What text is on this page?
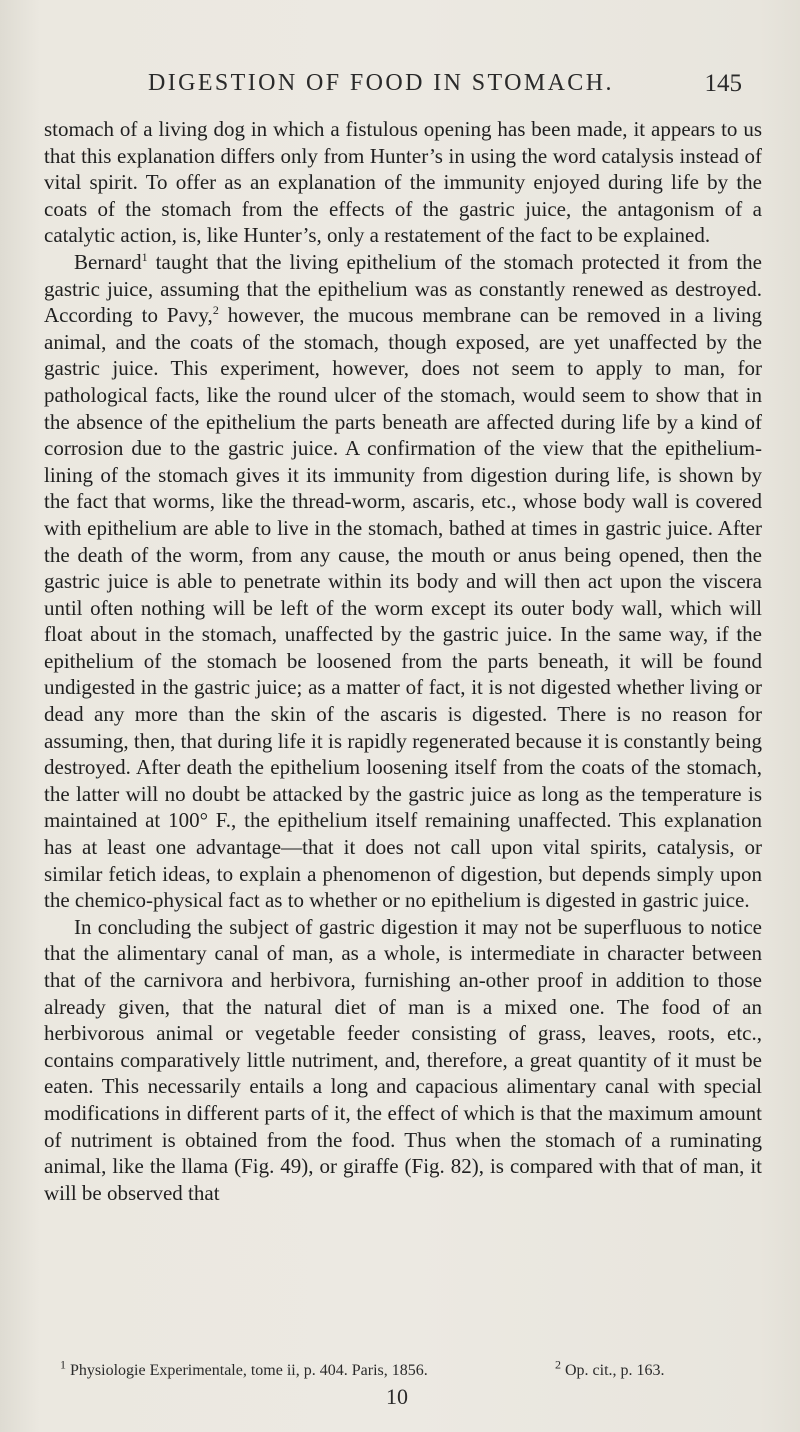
DIGESTION OF FOOD IN STOMACH.	145

stomach of a living dog in which a fistulous opening has been made, it appears to us that this explanation differs only from Hunter’s in using the word catalysis instead of vital spirit. To offer as an explanation of the immunity enjoyed during life by the coats of the stomach from the effects of the gastric juice, the antagonism of a catalytic action, is, like Hunter’s, only a restatement of the fact to be explained.

Bernard$^1$ taught that the living epithelium of the stomach protected it from the gastric juice, assuming that the epithelium was as constantly renewed as destroyed. According to Pavy,$^2$ however, the mucous membrane can be removed in a living animal, and the coats of the stomach, though exposed, are yet unaffected by the gastric juice. This experiment, however, does not seem to apply to man, for pathological facts, like the round ulcer of the stomach, would seem to show that in the absence of the epithelium the parts beneath are affected during life by a kind of corrosion due to the gastric juice. A confirmation of the view that the epithelium-lining of the stomach gives it its immunity from digestion during life, is shown by the fact that worms, like the thread-worm, ascaris, etc., whose body wall is covered with epithelium are able to live in the stomach, bathed at times in gastric juice. After the death of the worm, from any cause, the mouth or anus being opened, then the gastric juice is able to penetrate within its body and will then act upon the viscera until often nothing will be left of the worm except its outer body wall, which will float about in the stomach, unaffected by the gastric juice. In the same way, if the epithelium of the stomach be loosened from the parts beneath, it will be found undigested in the gastric juice; as a matter of fact, it is not digested whether living or dead any more than the skin of the ascaris is digested. There is no reason for assuming, then, that during life it is rapidly regenerated because it is constantly being destroyed. After death the epithelium loosening itself from the coats of the stomach, the latter will no doubt be attacked by the gastric juice as long as the temperature is maintained at 100° F., the epithelium itself remaining unaffected. This explanation has at least one advantage—that it does not call upon vital spirits, catalysis, or similar fetich ideas, to explain a phenomenon of digestion, but depends simply upon the chemico-physical fact as to whether or no epithelium is digested in gastric juice.

In concluding the subject of gastric digestion it may not be superfluous to notice that the alimentary canal of man, as a whole, is intermediate in character between that of the carnivora and herbivora, furnishing an-other proof in addition to those already given, that the natural diet of man is a mixed one. The food of an herbivorous animal or vegetable feeder consisting of grass, leaves, roots, etc., contains comparatively little nutriment, and, therefore, a great quantity of it must be eaten. This necessarily entails a long and capacious alimentary canal with special modifications in different parts of it, the effect of which is that the maximum amount of nutriment is obtained from the food. Thus when the stomach of a ruminating animal, like the llama (Fig. 49), or giraffe (Fig. 82), is compared with that of man, it will be observed that

$^1$ Physiologie Experimentale, tome ii, p. 404. Paris, 1856.	$^2$ Op. cit., p. 163.
10
